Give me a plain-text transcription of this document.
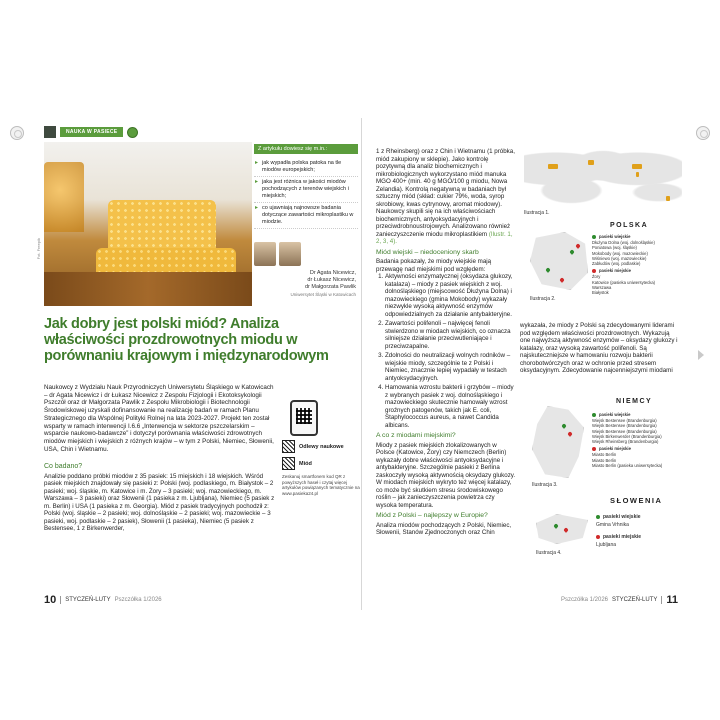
NAUKA W PASIECE
Fot. Freepik
Z artykułu dowiesz się m.in.:
▸ jak wypadła polska patoka na tle miodów europejskich;
▸ jaka jest różnica w jakości miodów pochodzących z terenów wiejskich i miejskich;
▸ co ujawniają najnowsze badania dotyczące zawartości mikroplastiku w miodzie.
Dr Agata Nicewicz,
dr Łukasz Nicewicz,
dr Małgorzata Pawlik
Uniwersytet Śląski w Katowicach
Jak dobry jest polski miód? Analiza właściwości prozdrowotnych miodu w porównaniu krajowym i międzynarodowym

Naukowcy z Wydziału Nauk Przyrodniczych Uniwersytetu Śląskiego w Katowicach – dr Agata Nicewicz i dr Łukasz Nicewicz z Zespołu Fizjologii i Ekotoksykologii Pszczół oraz dr Małgorzata Pawlik z Zespołu Mikrobiologii i Biotechnologii Środowiskowej uzyskali dofinansowanie na realizację badań w ramach Planu Strategicznego dla Wspólnej Polityki Rolnej na lata 2023-2027. Projekt ten został wsparty w ramach interwencji I.6.6 „Interwencja w sektorze pszczelarskim – wsparcie naukowo-badawcze” i dotyczył porównania właściwości zdrowotnych miodów miejskich i wiejskich z różnych krajów – w tym z Polski, Niemiec, Słowenii, USA, Chin i Wietnamu.	Odlewy naukowe
Miód

Zeskanuj smartfonem kod QR z powyższych haseł i czytaj więcej artykułów powiązanych tematycznie na www.pasieka24.pl

Co badano?

Analizie poddano próbki miodów z 35 pasiek: 15 miejskich i 18 wiejskich. Wśród pasiek miejskich znajdowały się pasieki z: Polski (woj. podlaskiego, m. Białystok – 2 pasieki; woj. śląskie, m. Katowice i m. Żory – 3 pasieki; woj. mazowieckiego, m. Warszawa – 3 pasieki) oraz Słowenii (1 pasieka z m. Ljubljana), Niemiec (5 pasiek z m. Berlin) i USA (1 pasieka z m. Georgia). Miód z pasiek tradycyjnych pochodził z: Polski (woj. śląskie – 2 pasieki; woj. dolnośląskie – 2 pasieki; woj. mazowieckie – 3 pasieki, woj. podlaskie – 2 pasiek), Słowenii (1 pasieka), Niemiec (5 pasiek z Bestensee, 1 z Birkenwerder,

10 STYCZEŃ-LUTY Pszczółka 1/2026

1 z Rheinsberg) oraz z Chin i Wietnamu (1 próbka, miód zakupiony w sklepie). Jako kontrolę pozytywną dla analiz biochemicznych i mikrobiologicznych wykorzystano miód manuka MGO 400+ (min. 40 g MGO/100 g miodu, Nowa Zelandia). Kontrolą negatywną w badaniach był sztuczny miód (skład: cukier 79%, woda, syrop skrobiowy, kwas cytrynowy, aromat miodowy). Naukowcy skupili się na ich właściwościach biochemicznych, antyoksydacyjnych i przeciwdrobnoustrojowych. Analizowano również zanieczyszczenie miodu mikroplastikiem (Ilustr. 1, 2, 3, 4).

Miód wiejski – niedoceniony skarb

Badania pokazały, że miody wiejskie mają przewagę nad miejskimi pod względem:

1. Aktywności enzymatycznej (oksydaza glukozy, katalaza) – miody z pasiek wiejskich z woj. dolnośląskiego (miejscowość Dłużyna Dolna) i mazowieckiego (gmina Mokobody) wykazały niezwykle wysoką aktywność enzymów odpowiedzialnych za działanie antybakteryjne.
2. Zawartości polifenoli – najwięcej fenoli stwierdzono w miodach wiejskich, co oznacza silniejsze działanie przeciwutleniające i przeciwzapalne.
3. Zdolności do neutralizacji wolnych rodników – wiejskie miody, szczególnie te z Polski i Niemiec, znacznie lepiej wypadały w testach antyoksydacyjnych.
4. Hamowania wzrostu bakterii i grzybów – miody z wybranych pasiek z woj. dolnośląskiego i mazowieckiego skutecznie hamowały wzrost groźnych patogenów, takich jak E. coli, Staphylococcus aureus, a nawet Candida albicans.
A co z miodami miejskimi?

Miody z pasiek miejskich zlokalizowanych w Polsce (Katowice, Żory) czy Niemczech (Berlin) wykazały dobre właściwości antyoksydacyjne i antybakteryjne. Szczególnie pasieki z Berlina zaskoczyły wysoką aktywnością oksydazy glukozy. W miodach miejskich wykryto też więcej katalazy, co może być skutkiem stresu środowiskowego roślin – jak zanieczyszczenia powietrza czy wysoka temperatura.

Miód z Polski – najlepszy w Europie?

Analiza miodów pochodzących z Polski, Niemiec, Słowenii, Stanów Zjednoczonych oraz Chin

Ilustracja 1.
POLSKA
pasieki wiejskie
Dłużyna Dolna (woj. dolnośląskie)
Poniatowa (woj. śląskie)
Mokobody (woj. mazowieckie)
Wiśniewo (woj. mazowieckie)
Zabłudów (woj. podlaskie)
pasieki miejskie
Żory
Katowice (pasieka uniwersytecka)
Warszawa
Białystok
Ilustracja 2.

wykazała, że miody z Polski są zdecydowanymi liderami pod względem właściwości prozdrowotnych. Wykazują one najwyższą aktywność enzymów – oksydazy glukozy i katalazy, oraz wysoką zawartość polifenoli. Są najskuteczniejsze w hamowaniu rozwoju bakterii chorobotwórczych oraz w ochronie przed stresem oksydacyjnym. Zdecydowanie najcenniejszymi miodami

NIEMCY
pasieki wiejskie
Wiejsk Bestensee (Brandenburgia)
Wiejsk Bestensee (Brandenburgia)
Wiejsk Bestensee (Brandenburgia)
Wiejsk Birkenwerder (Brandenburgia)
Wiejsk Rheinsberg (Brandenburgia)
pasieki miejskie
Miasto Berlin
Miasto Berlin
Miasto Berlin (pasieka uniwersytecka)
Ilustracja 3.
SŁOWENIA
pasieki wiejskie
Gmina Vrhnika
pasieki miejskie
Ljubljana
Ilustracja 4.
Pszczółka 1/2026 STYCZEŃ-LUTY 11
